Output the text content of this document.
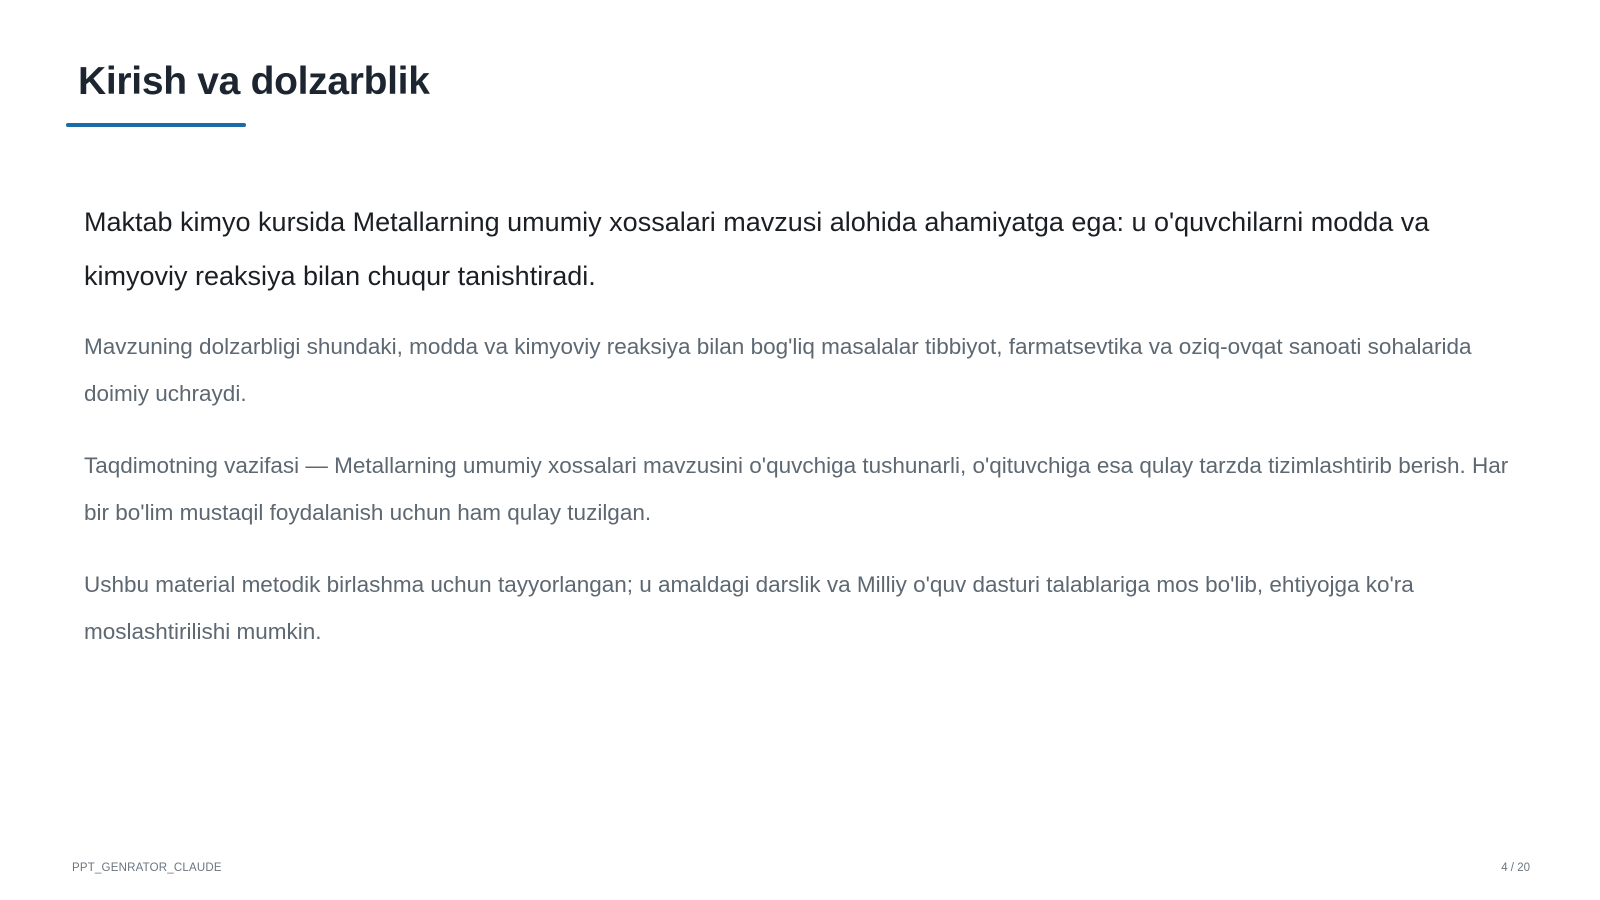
Kirish va dolzarblik

Maktab kimyo kursida Metallarning umumiy xossalari mavzusi alohida ahamiyatga ega: u o'quvchilarni modda va kimyoviy reaksiya bilan chuqur tanishtiradi.

Mavzuning dolzarbligi shundaki, modda va kimyoviy reaksiya bilan bog'liq masalalar tibbiyot, farmatsevtika va oziq-ovqat sanoati sohalarida doimiy uchraydi.

Taqdimotning vazifasi — Metallarning umumiy xossalari mavzusini o'quvchiga tushunarli, o'qituvchiga esa qulay tarzda tizimlashtirib berish. Har bir bo'lim mustaqil foydalanish uchun ham qulay tuzilgan.

Ushbu material metodik birlashma uchun tayyorlangan; u amaldagi darslik va Milliy o'quv dasturi talablariga mos bo'lib, ehtiyojga ko'ra moslashtirilishi mumkin.

PPT_GENRATOR_CLAUDE	4 / 20
